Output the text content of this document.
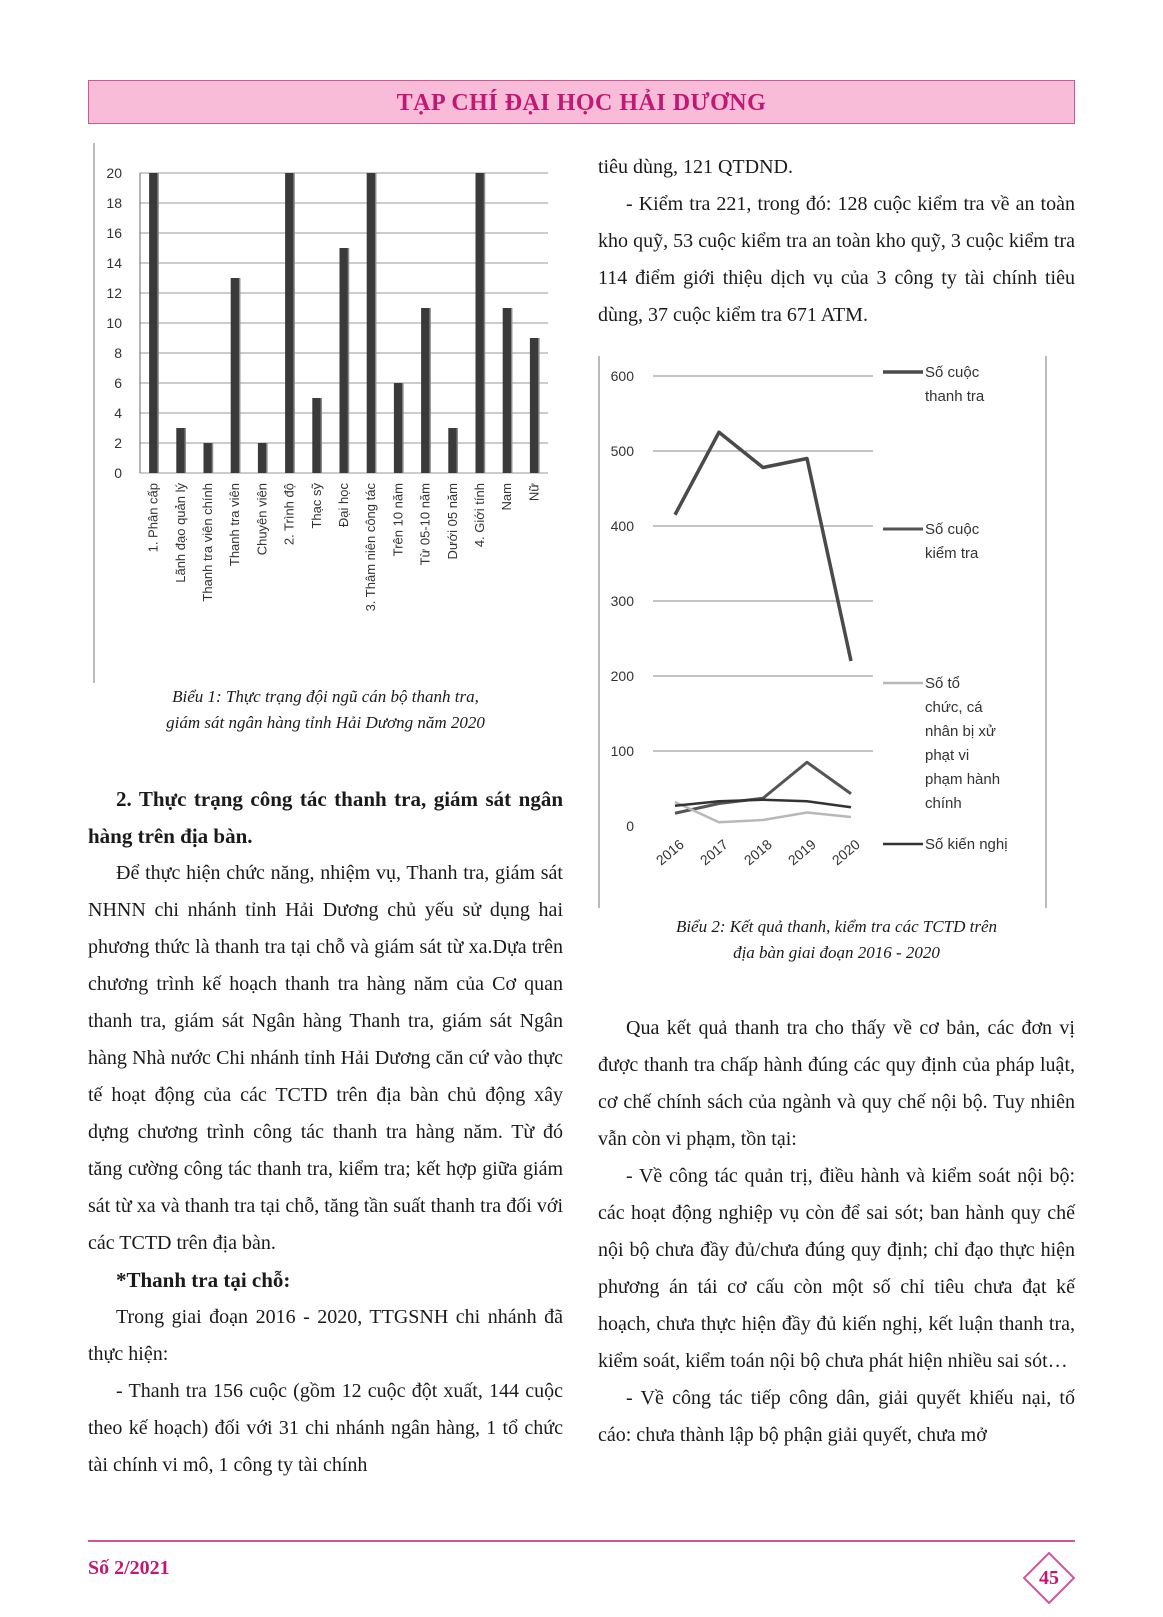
TẠP CHÍ ĐẠI HỌC HẢI DƯƠNG
0
2
4
6
8
10
12
14
16
18
20
1. Phân cấp Lãnh đạo quản lý Thanh tra viên chính Thanh tra viên Chuyên viên 2. Trình độ Thạc sỹ Đại học 3. Thâm niên công tác Trên 10 năm Từ 05-10 năm Dưới 05 năm 4. Giới tính Nam Nữ
Biểu 1: Thực trạng đội ngũ cán bộ thanh tra,
giám sát ngân hàng tỉnh Hải Dương năm 2020
2. Thực trạng công tác thanh tra, giám sát ngân hàng trên địa bàn.

Để thực hiện chức năng, nhiệm vụ, Thanh tra, giám sát NHNN chi nhánh tỉnh Hải Dương chủ yếu sử dụng hai phương thức là thanh tra tại chỗ và giám sát từ xa.Dựa trên chương trình kế hoạch thanh tra hàng năm của Cơ quan thanh tra, giám sát Ngân hàng Thanh tra, giám sát Ngân hàng Nhà nước Chi nhánh tỉnh Hải Dương căn cứ vào thực tế hoạt động của các TCTD trên địa bàn chủ động xây dựng chương trình công tác thanh tra hàng năm. Từ đó tăng cường công tác thanh tra, kiểm tra; kết hợp giữa giám sát từ xa và thanh tra tại chỗ, tăng tần suất thanh tra đối với các TCTD trên địa bàn.

*Thanh tra tại chỗ:

Trong giai đoạn 2016 - 2020, TTGSNH chi nhánh đã thực hiện:

- Thanh tra 156 cuộc (gồm 12 cuộc đột xuất, 144 cuộc theo kế hoạch) đối với 31 chi nhánh ngân hàng, 1 tổ chức tài chính vi mô, 1 công ty tài chính

tiêu dùng, 121 QTDND.

- Kiểm tra 221, trong đó: 128 cuộc kiểm tra về an toàn kho quỹ, 53 cuộc kiểm tra an toàn kho quỹ, 3 cuộc kiểm tra 114 điểm giới thiệu dịch vụ của 3 công ty tài chính tiêu dùng, 37 cuộc kiểm tra 671 ATM.

0
100
200
300
400
500
600
2016 2017 2018 2019 2020
Số cuộc
thanh tra
Số cuộc
kiểm tra
Số tổ
chức, cá
nhân bị xử
phạt vi
phạm hành
chính
Số kiến nghị
Biểu 2: Kết quả thanh, kiểm tra các TCTD trên
địa bàn giai đoạn 2016 - 2020

Qua kết quả thanh tra cho thấy về cơ bản, các đơn vị được thanh tra chấp hành đúng các quy định của pháp luật, cơ chế chính sách của ngành và quy chế nội bộ. Tuy nhiên vẫn còn vi phạm, tồn tại:

- Về công tác quản trị, điều hành và kiểm soát nội bộ: các hoạt động nghiệp vụ còn để sai sót; ban hành quy chế nội bộ chưa đầy đủ/chưa đúng quy định; chỉ đạo thực hiện phương án tái cơ cấu còn một số chỉ tiêu chưa đạt kế hoạch, chưa thực hiện đầy đủ kiến nghị, kết luận thanh tra, kiểm soát, kiểm toán nội bộ chưa phát hiện nhiều sai sót…

- Về công tác tiếp công dân, giải quyết khiếu nại, tố cáo: chưa thành lập bộ phận giải quyết, chưa mở

Số 2/2021	45
